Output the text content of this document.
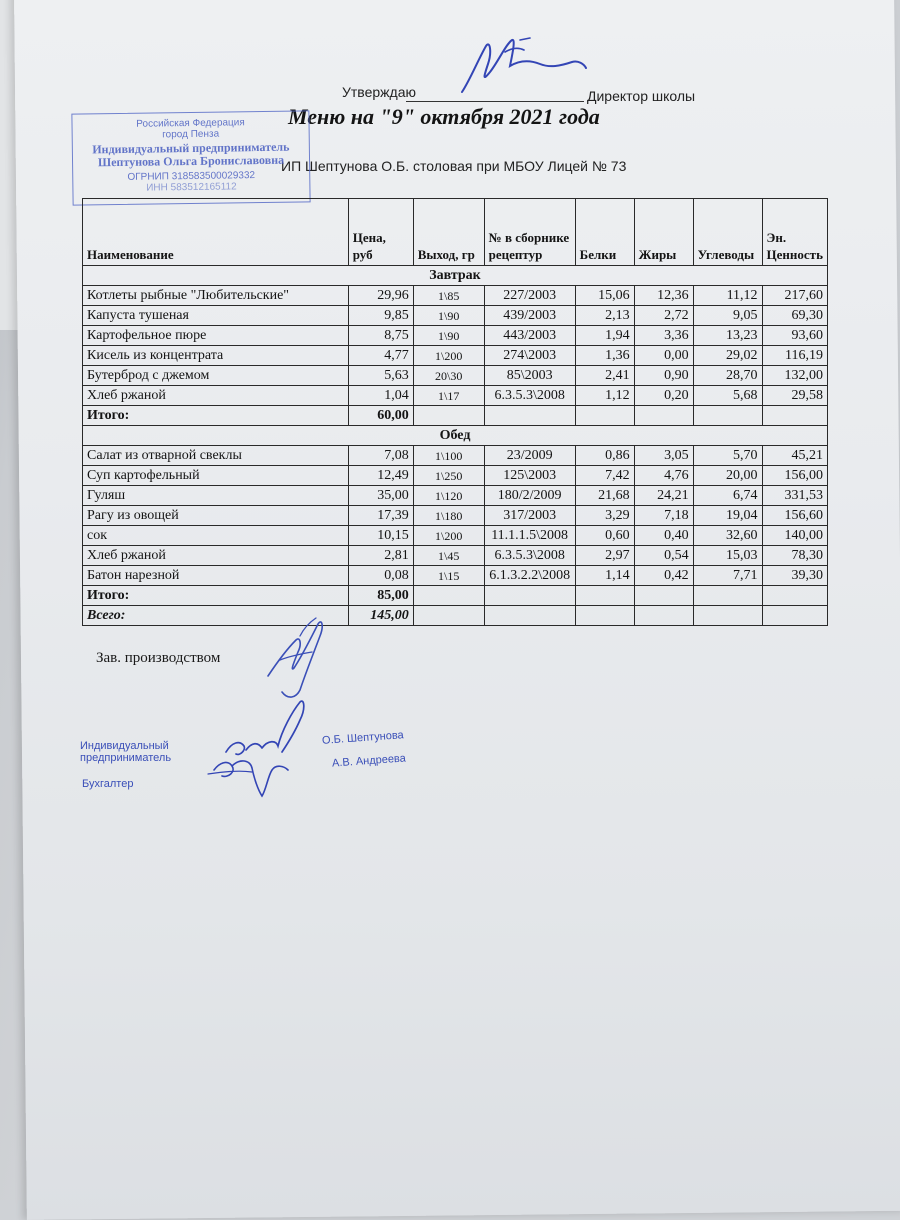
Утверждаю	Директор школы
Меню на "9" октября 2021 года
ИП Шептунова О.Б. столовая при МБОУ Лицей № 73
Российская Федерация
город Пенза
Индивидуальный предприниматель
Шептунова Ольга Брониславовна
ОГРНИП 318583500029332
ИНН 583512165112
Наименование	Цена, руб	Выход, гр	№ в сборнике рецептур	Белки	Жиры	Углеводы	Эн. Ценность
Завтрак							
Котлеты рыбные "Любительские"	29,96	1\85	227/2003	15,06	12,36	11,12	217,60
Капуста тушеная	9,85	1\90	439/2003	2,13	2,72	9,05	69,30
Картофельное пюре	8,75	1\90	443/2003	1,94	3,36	13,23	93,60
Кисель из концентрата	4,77	1\200	274\2003	1,36	0,00	29,02	116,19
Бутерброд с джемом	5,63	20\30	85\2003	2,41	0,90	28,70	132,00
Хлеб ржаной	1,04	1\17	6.3.5.3\2008	1,12	0,20	5,68	29,58
Итого:	60,00						
Обед							
Салат из отварной свеклы	7,08	1\100	23/2009	0,86	3,05	5,70	45,21
Суп картофельный	12,49	1\250	125\2003	7,42	4,76	20,00	156,00
Гуляш	35,00	1\120	180/2/2009	21,68	24,21	6,74	331,53
Рагу из овощей	17,39	1\180	317/2003	3,29	7,18	19,04	156,60
сок	10,15	1\200	11.1.1.5\2008	0,60	0,40	32,60	140,00
Хлеб ржаной	2,81	1\45	6.3.5.3\2008	2,97	0,54	15,03	78,30
Батон нарезной	0,08	1\15	6.1.3.2.2\2008	1,14	0,42	7,71	39,30
Итого:	85,00						
Всего:	145,00						
Зав. производством
Индивидуальный
предприниматель
Бухгалтер
О.Б. Шептунова
А.В. Андреева
